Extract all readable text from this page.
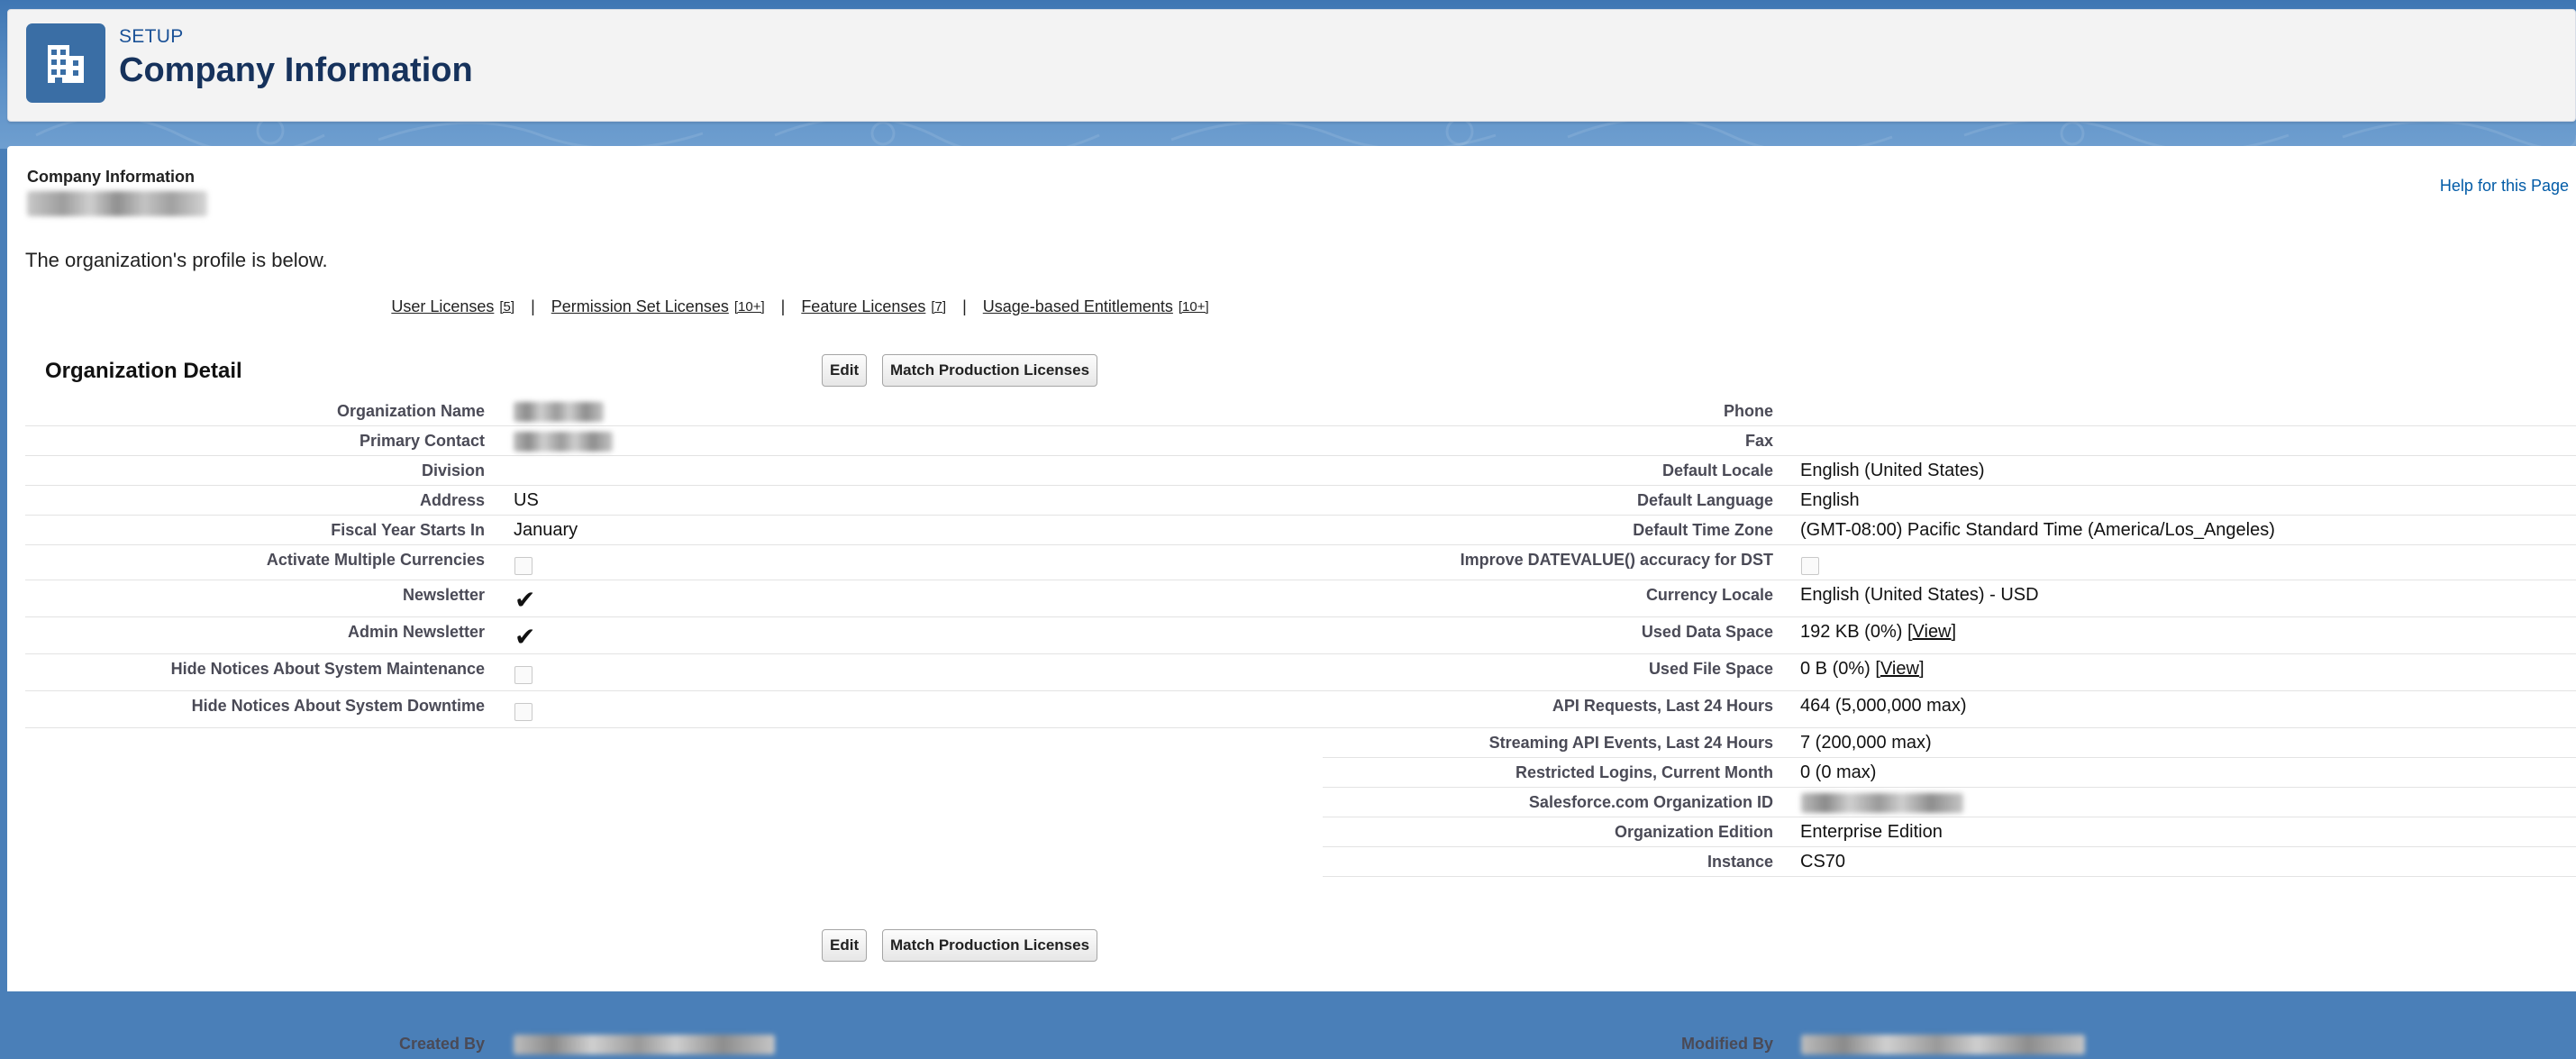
SETUP
Company Information
Company Information	Help for this Page
The organization's profile is below.
User Licenses [5] | Permission Set Licenses [10+] | Feature Licenses [7] | Usage-based Entitlements [10+]
Organization Detail	Edit	Match Production Licenses
Organization Name
Primary Contact
Division
Address US
Fiscal Year Starts In January
Activate Multiple Currencies
Newsletter ✔
Admin Newsletter ✔
Hide Notices About System Maintenance
Hide Notices About System Downtime
Created By
Phone
Fax
Default Locale English (United States)
Default Language English
Default Time Zone (GMT-08:00) Pacific Standard Time (America/Los_Angeles)
Improve DATEVALUE() accuracy for DST
Currency Locale English (United States) - USD
Used Data Space 192 KB (0%) [View]
Used File Space 0 B (0%) [View]
API Requests, Last 24 Hours 464 (5,000,000 max)
Streaming API Events, Last 24 Hours 7 (200,000 max)
Restricted Logins, Current Month 0 (0 max)
Salesforce.com Organization ID
Organization Edition Enterprise Edition
Instance CS70
Modified By
Edit	Match Production Licenses
